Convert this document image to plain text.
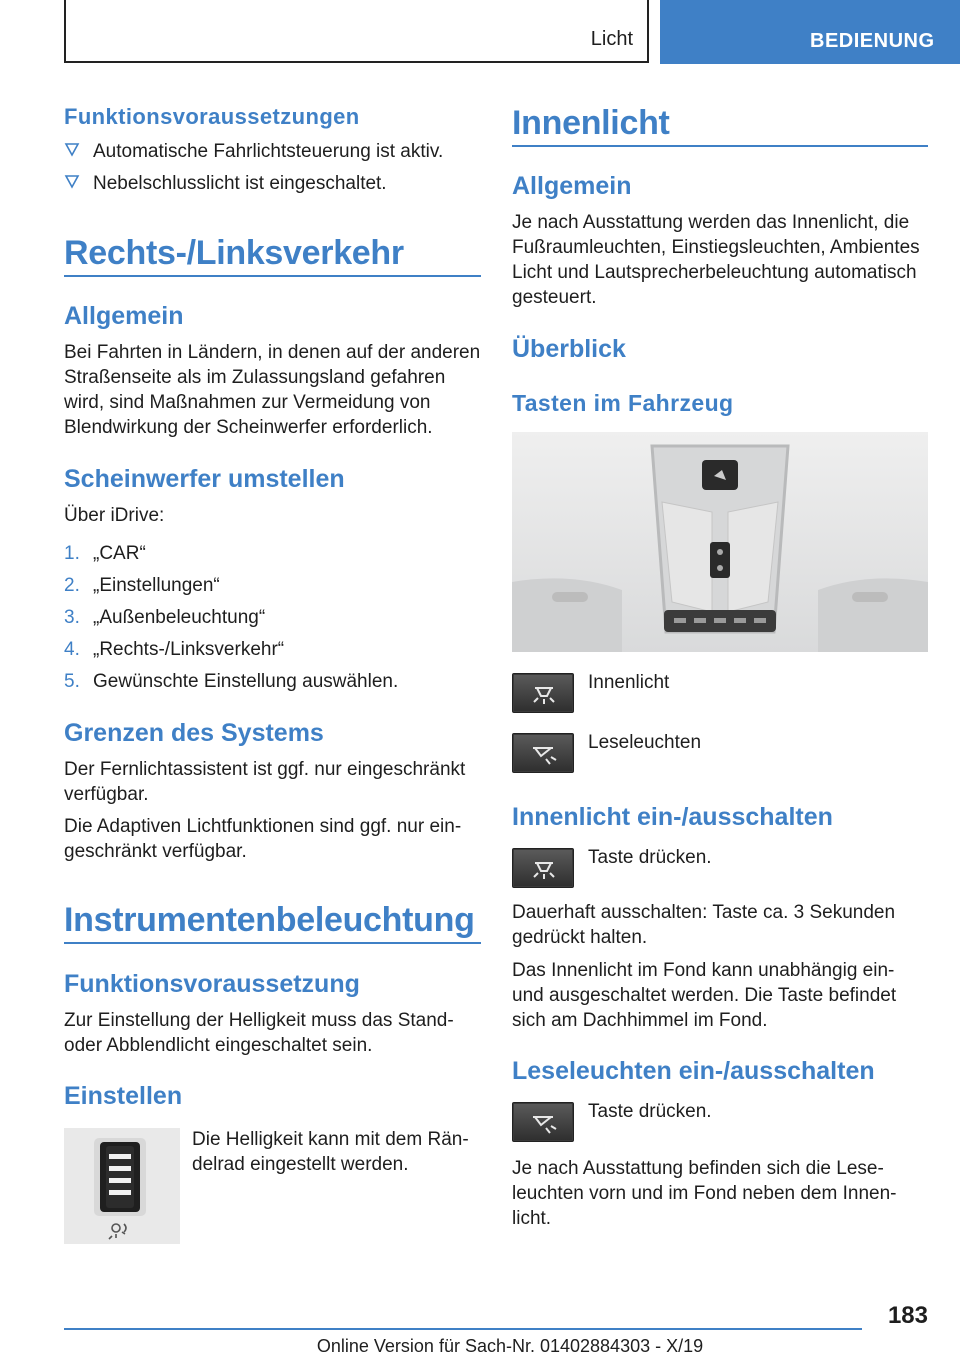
Licht	BEDIENUNG
Funktionsvoraussetzungen
Automatische Fahrlichtsteuerung ist aktiv.
Nebelschlusslicht ist eingeschaltet.
Rechts-/Linksverkehr
Allgemein
Bei Fahrten in Ländern, in denen auf der anderen
Straßenseite als im Zulassungsland gefahren
wird, sind Maßnahmen zur Vermeidung von
Blendwirkung der Scheinwerfer erforderlich.
Scheinwerfer umstellen
Über iDrive:
1. „CAR“
2. „Einstellungen“
3. „Außenbeleuchtung“
4. „Rechts-/Linksverkehr“
5. Gewünschte Einstellung auswählen.
Grenzen des Systems
Der Fernlichtassistent ist ggf. nur eingeschränkt
verfügbar.
Die Adaptiven Lichtfunktionen sind ggf. nur ein‐
geschränkt verfügbar.
Instrumentenbeleuchtung
Funktionsvoraussetzung
Zur Einstellung der Helligkeit muss das Stand‐
oder Abblendlicht eingeschaltet sein.
Einstellen
Die Helligkeit kann mit dem Rän‐
delrad eingestellt werden.
Innenlicht
Allgemein
Je nach Ausstattung werden das Innenlicht, die
Fußraumleuchten, Einstiegsleuchten, Ambientes
Licht und Lautsprecherbeleuchtung automatisch
gesteuert.
Überblick
Tasten im Fahrzeug
Innenlicht
Leseleuchten
Innenlicht ein-/ausschalten
Taste drücken.
Dauerhaft ausschalten: Taste ca. 3 Sekunden
gedrückt halten.
Das Innenlicht im Fond kann unabhängig ein‐
und ausgeschaltet werden. Die Taste befindet
sich am Dachhimmel im Fond.
Leseleuchten ein-/ausschalten
Taste drücken.
Je nach Ausstattung befinden sich die Lese‐
leuchten vorn und im Fond neben dem Innen‐
licht.
183
Online Version für Sach-Nr. 01402884303 - X/19
